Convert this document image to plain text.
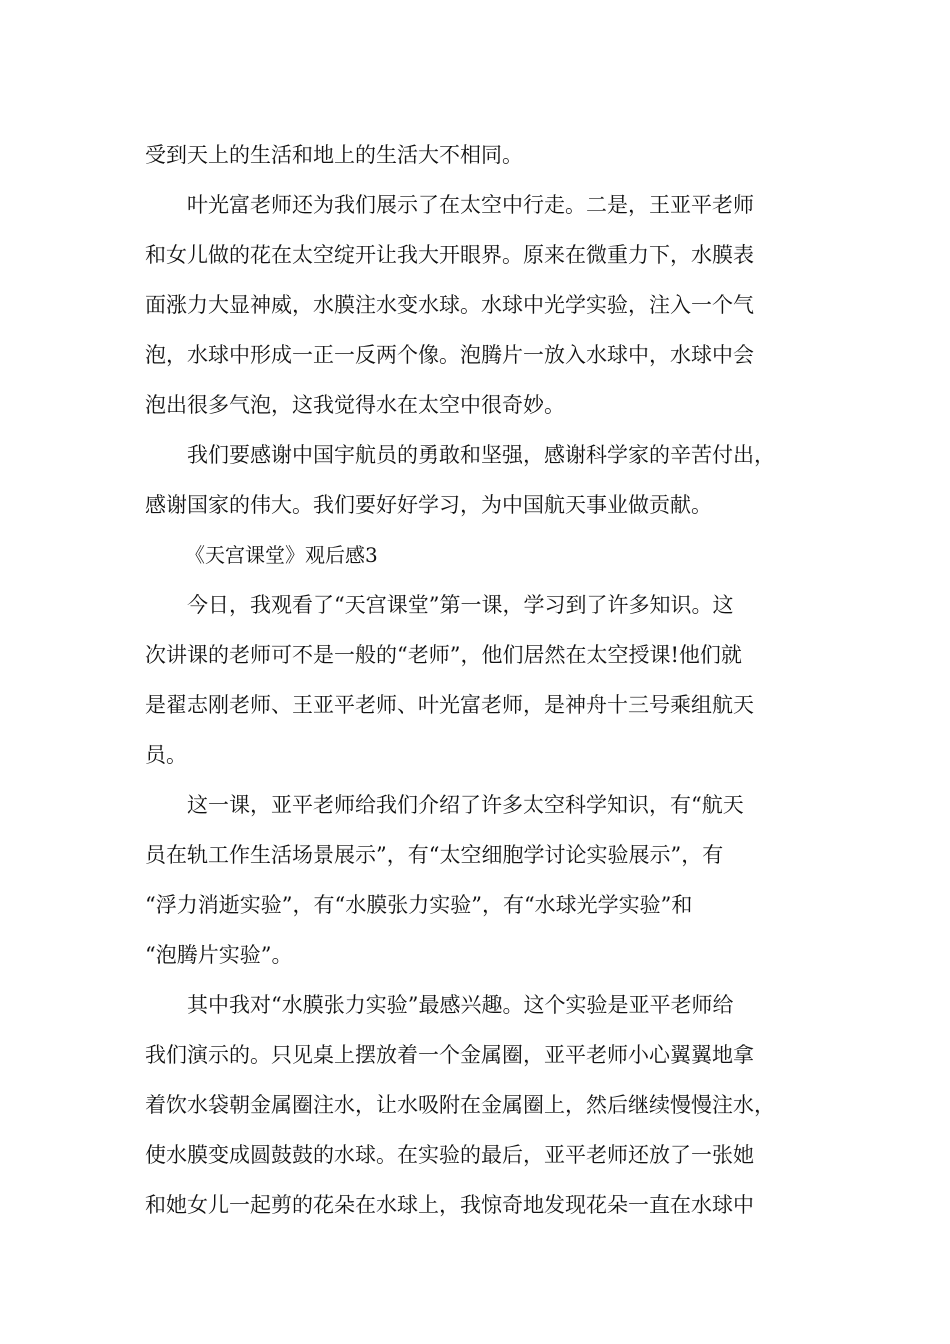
受到天上的生活和地上的生活大不相同。

叶光富老师还为我们展示了在太空中行走。二是，王亚平老师
和女儿做的花在太空绽开让我大开眼界。原来在微重力下，水膜表
面涨力大显神威，水膜注水变水球。水球中光学实验，注入一个气
泡，水球中形成一正一反两个像。泡腾片一放入水球中，水球中会
泡出很多气泡，这我觉得水在太空中很奇妙。

我们要感谢中国宇航员的勇敢和坚强，感谢科学家的辛苦付出，
感谢国家的伟大。我们要好好学习，为中国航天事业做贡献。

《天宫课堂》观后感3

今日，我观看了“天宫课堂”第一课，学习到了许多知识。这
次讲课的老师可不是一般的“老师”，他们居然在太空授课!他们就
是翟志刚老师、王亚平老师、叶光富老师，是神舟十三号乘组航天
员。

这一课，亚平老师给我们介绍了许多太空科学知识，有“航天
员在轨工作生活场景展示”，有“太空细胞学讨论实验展示”，有
“浮力消逝实验”，有“水膜张力实验”，有“水球光学实验”和
“泡腾片实验”。

其中我对“水膜张力实验”最感兴趣。这个实验是亚平老师给
我们演示的。只见桌上摆放着一个金属圈，亚平老师小心翼翼地拿
着饮水袋朝金属圈注水，让水吸附在金属圈上，然后继续慢慢注水，
使水膜变成圆鼓鼓的水球。在实验的最后，亚平老师还放了一张她
和她女儿一起剪的花朵在水球上，我惊奇地发现花朵一直在水球中
